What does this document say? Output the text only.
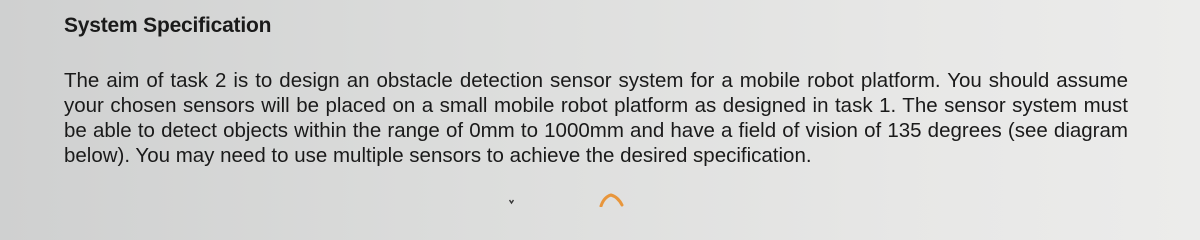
System Specification
The aim of task 2 is to design an obstacle detection sensor system for a mobile robot platform. You should assume your chosen sensors will be placed on a small mobile robot platform as designed in task 1. The sensor system must be able to detect objects within the range of 0mm to 1000mm and have a field of vision of 135 degrees (see diagram below). You may need to use multiple sensors to achieve the desired specification.
